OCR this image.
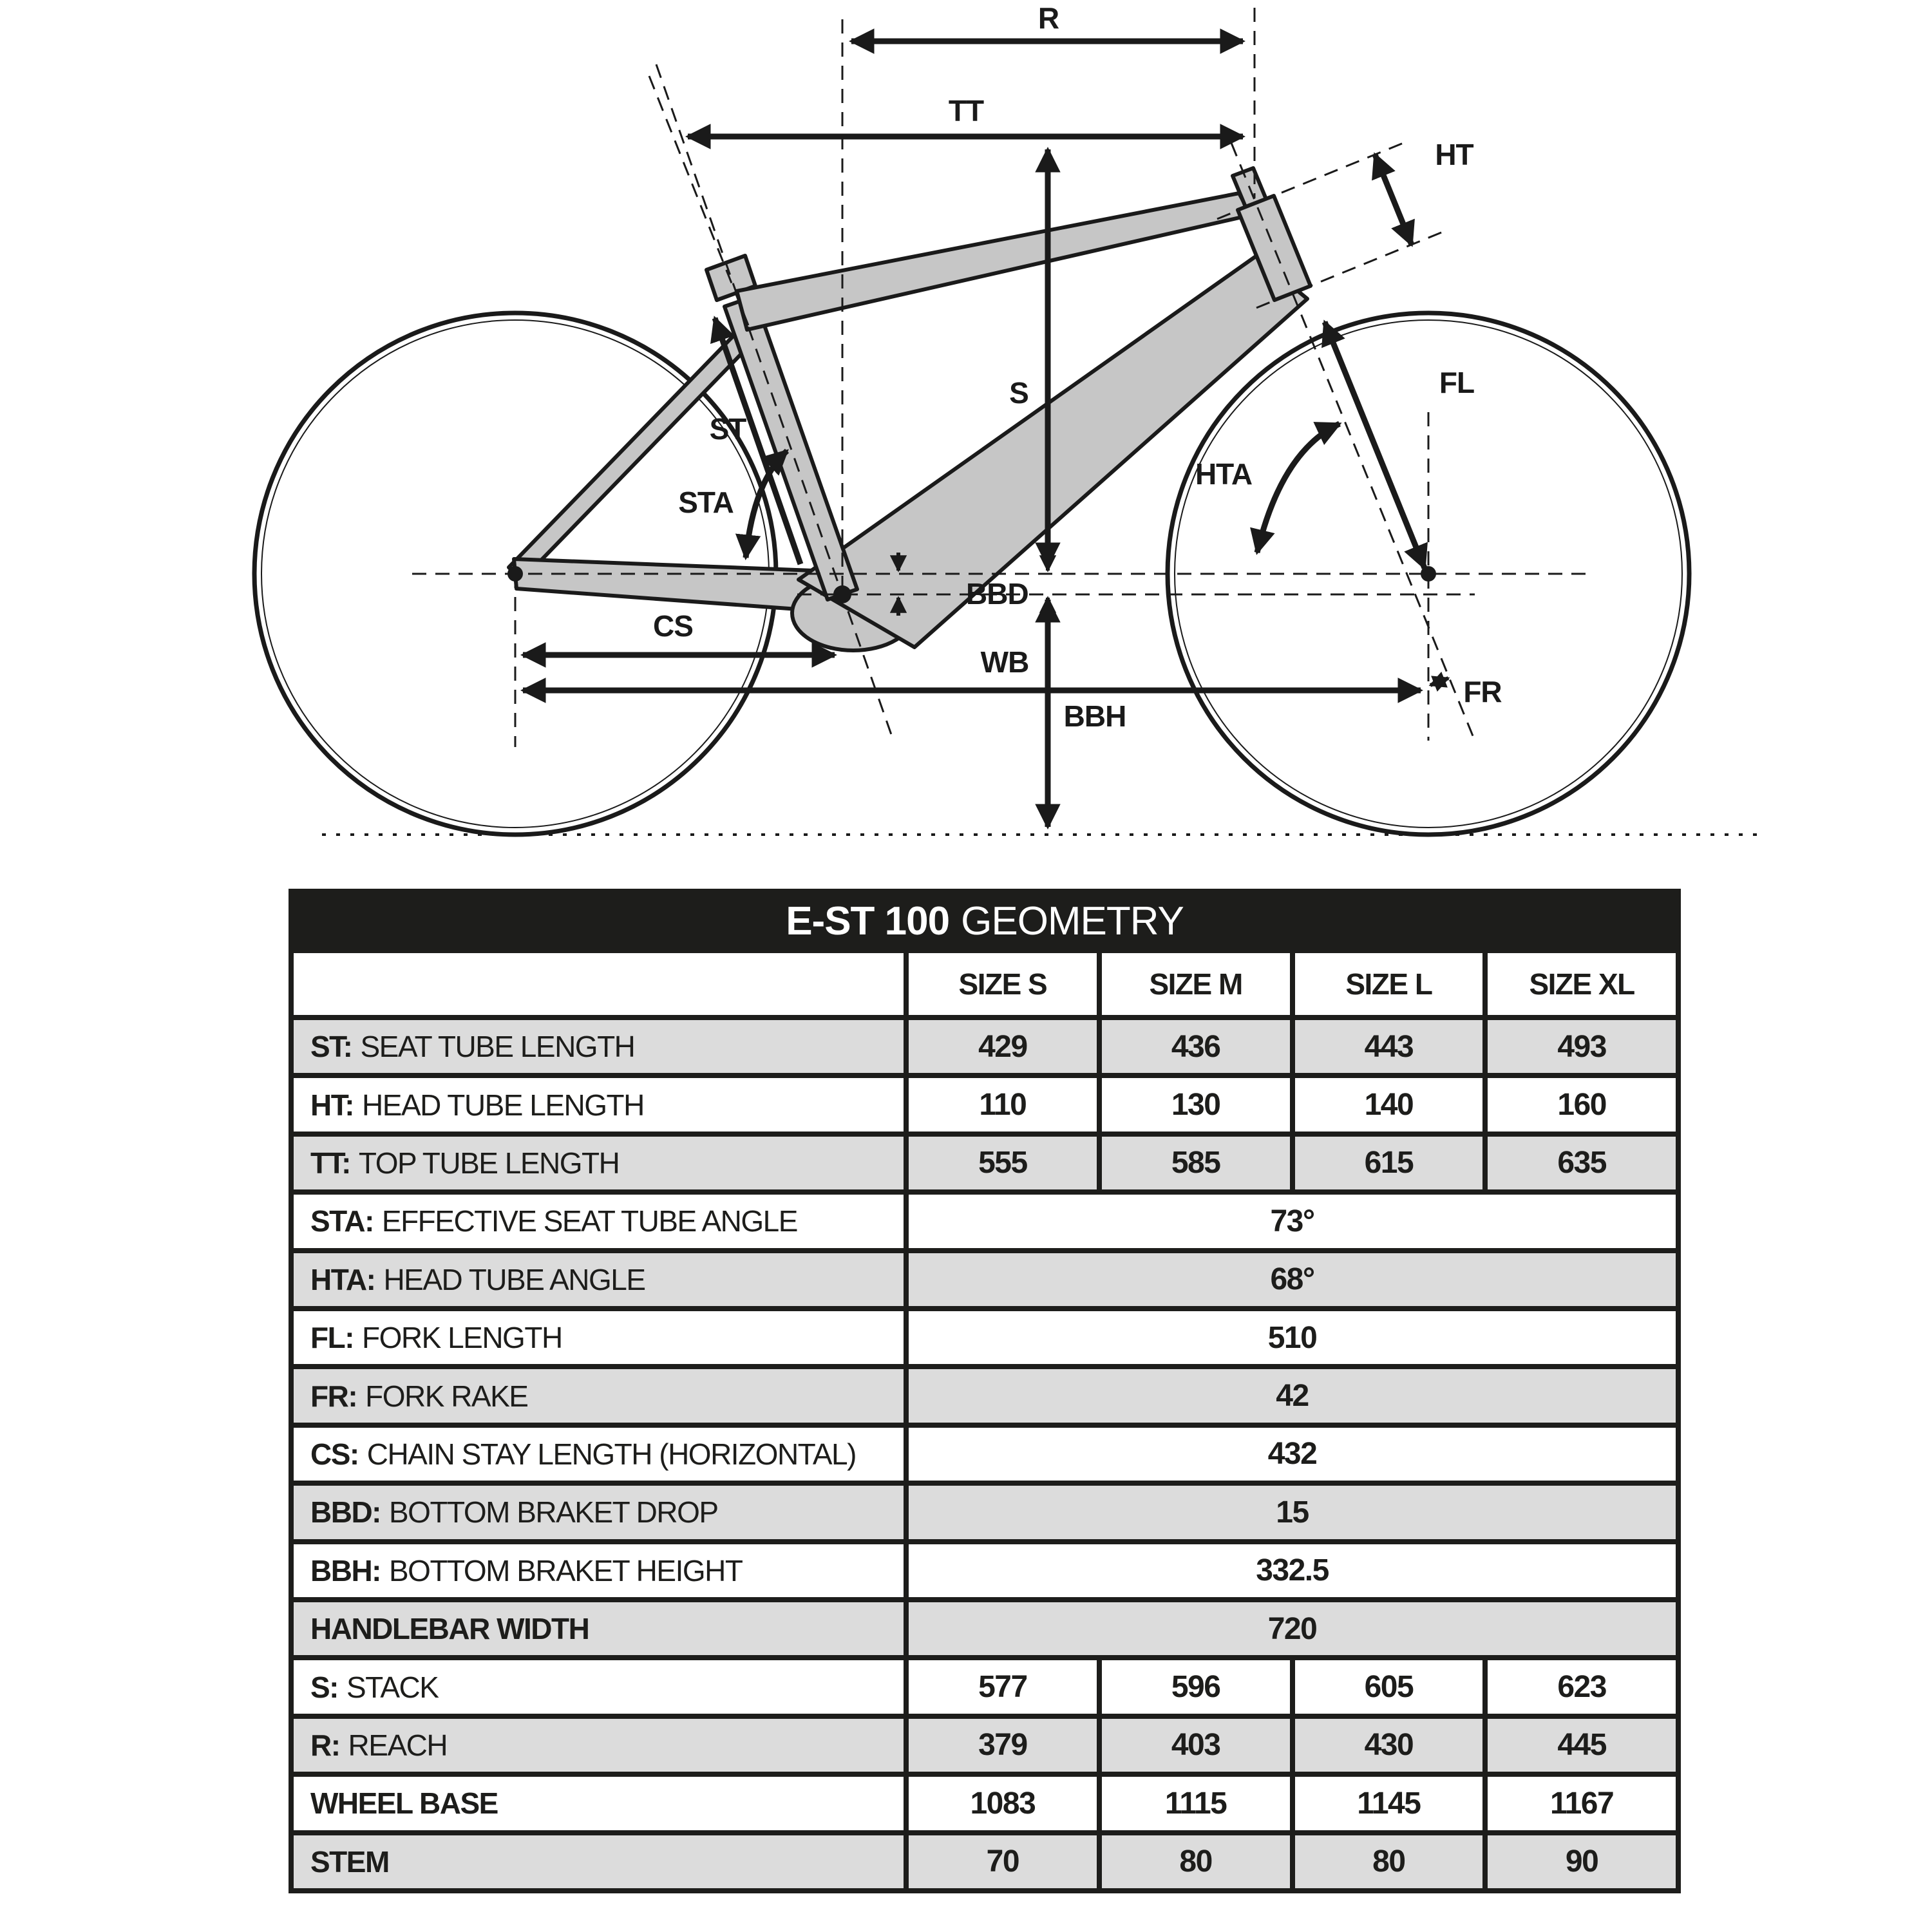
R
TT
HT
FL
S
ST
STA
HTA
BBD
CS
WB
BBH
FR
E-ST 100 GEOMETRY
SIZE S	SIZE M	SIZE L	SIZE XL
ST: SEAT TUBE LENGTH	429	436	443	493
HT: HEAD TUBE LENGTH	110	130	140	160
TT: TOP TUBE LENGTH	555	585	615	635
STA: EFFECTIVE SEAT TUBE ANGLE	73°
HTA: HEAD TUBE ANGLE	68°
FL: FORK LENGTH	510
FR: FORK RAKE	42
CS: CHAIN STAY LENGTH (HORIZONTAL)	432
BBD: BOTTOM BRAKET DROP	15
BBH: BOTTOM BRAKET HEIGHT	332.5
HANDLEBAR WIDTH	720
S: STACK	577	596	605	623
R: REACH	379	403	430	445
WHEEL BASE	1083	1115	1145	1167
STEM	70	80	80	90
